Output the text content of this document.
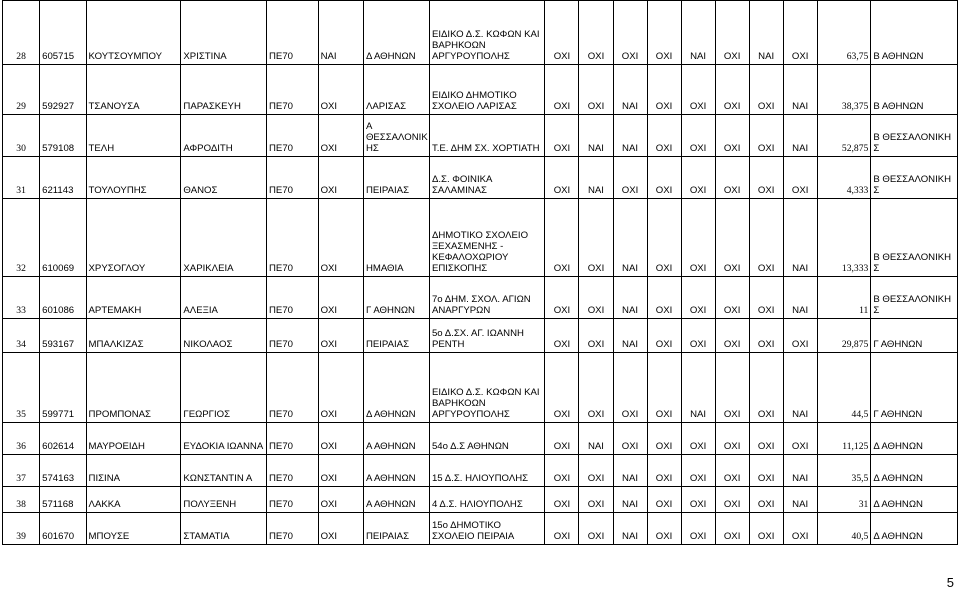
28	605715	ΚΟΥΤΣΟΥΜΠΟΥ	ΧΡΙΣΤΙΝΑ	ΠΕ70	ΝΑΙ	Δ ΑΘΗΝΩΝ	ΕΙΔΙΚΟ Δ.Σ. ΚΩΦΩΝ ΚΑΙ ΒΑΡΗΚΟΩΝ ΑΡΓΥΡΟΥΠΟΛΗΣ	ΟΧΙ	ΟΧΙ	ΟΧΙ	ΟΧΙ	ΝΑΙ	ΟΧΙ	ΝΑΙ	ΟΧΙ	63,75	Β ΑΘΗΝΩΝ
29	592927	ΤΣΑΝΟΥΣΑ	ΠΑΡΑΣΚΕΥΗ	ΠΕ70	ΟΧΙ	ΛΑΡΙΣΑΣ	ΕΙΔΙΚΟ ΔΗΜΟΤΙΚΟ ΣΧΟΛΕΙΟ ΛΑΡΙΣΑΣ	ΟΧΙ	ΟΧΙ	ΝΑΙ	ΟΧΙ	ΟΧΙ	ΟΧΙ	ΟΧΙ	ΝΑΙ	38,375	Β ΑΘΗΝΩΝ
30	579108	ΤΕΛΗ	ΑΦΡΟΔΙΤΗ	ΠΕ70	ΟΧΙ	Α ΘΕΣΣΑΛΟΝΙΚ ΗΣ	Τ.Ε. ΔΗΜ ΣΧ. ΧΟΡΤΙΑΤΗ	ΟΧΙ	ΝΑΙ	ΝΑΙ	ΟΧΙ	ΟΧΙ	ΟΧΙ	ΟΧΙ	ΝΑΙ	52,875	Β ΘΕΣΣΑΛΟΝΙΚΗ Σ
31	621143	ΤΟΥΛΟΥΠΗΣ	ΘΑΝΟΣ	ΠΕ70	ΟΧΙ	ΠΕΙΡΑΙΑΣ	Δ.Σ. ΦΟΙΝΙΚΑ ΣΑΛΑΜΙΝΑΣ	ΟΧΙ	ΝΑΙ	ΟΧΙ	ΟΧΙ	ΟΧΙ	ΟΧΙ	ΟΧΙ	ΟΧΙ	4,333	Β ΘΕΣΣΑΛΟΝΙΚΗ Σ
32	610069	ΧΡΥΣΟΓΛΟΥ	ΧΑΡΙΚΛΕΙΑ	ΠΕ70	ΟΧΙ	ΗΜΑΘΙΑ	ΔΗΜΟΤΙΚΟ ΣΧΟΛΕΙΟ ΞΕΧΑΣΜΕΝΗΣ - ΚΕΦΑΛΟΧΩΡΙΟΥ ΕΠΙΣΚΟΠΗΣ	ΟΧΙ	ΟΧΙ	ΝΑΙ	ΟΧΙ	ΟΧΙ	ΟΧΙ	ΟΧΙ	ΝΑΙ	13,333	Β ΘΕΣΣΑΛΟΝΙΚΗ Σ
33	601086	ΑΡΤΕΜΑΚΗ	ΑΛΕΞΙΑ	ΠΕ70	ΟΧΙ	Γ ΑΘΗΝΩΝ	7ο ΔΗΜ. ΣΧΟΛ. ΑΓΙΩΝ ΑΝΑΡΓΥΡΩΝ	ΟΧΙ	ΟΧΙ	ΝΑΙ	ΟΧΙ	ΟΧΙ	ΟΧΙ	ΟΧΙ	ΝΑΙ	11	Β ΘΕΣΣΑΛΟΝΙΚΗ Σ
34	593167	ΜΠΑΛΚΙΖΑΣ	ΝΙΚΟΛΑΟΣ	ΠΕ70	ΟΧΙ	ΠΕΙΡΑΙΑΣ	5ο Δ.ΣΧ. ΑΓ. ΙΩΑΝΝΗ ΡΕΝΤΗ	ΟΧΙ	ΟΧΙ	ΝΑΙ	ΟΧΙ	ΟΧΙ	ΟΧΙ	ΟΧΙ	ΟΧΙ	29,875	Γ ΑΘΗΝΩΝ
35	599771	ΠΡΟΜΠΟΝΑΣ	ΓΕΩΡΓΙΟΣ	ΠΕ70	ΟΧΙ	Δ ΑΘΗΝΩΝ	ΕΙΔΙΚΟ Δ.Σ. ΚΩΦΩΝ ΚΑΙ ΒΑΡΗΚΟΩΝ ΑΡΓΥΡΟΥΠΟΛΗΣ	ΟΧΙ	ΟΧΙ	ΟΧΙ	ΟΧΙ	ΝΑΙ	ΟΧΙ	ΟΧΙ	ΝΑΙ	44,5	Γ ΑΘΗΝΩΝ
36	602614	ΜΑΥΡΟΕΙΔΗ	ΕΥΔΟΚΙΑ ΙΩΑΝΝΑ	ΠΕ70	ΟΧΙ	Α ΑΘΗΝΩΝ	54ο Δ.Σ ΑΘΗΝΩΝ	ΟΧΙ	ΝΑΙ	ΟΧΙ	ΟΧΙ	ΟΧΙ	ΟΧΙ	ΟΧΙ	ΟΧΙ	11,125	Δ ΑΘΗΝΩΝ
37	574163	ΠΙΣΙΝΑ	ΚΩΝΣΤΑΝΤΙΝ Α	ΠΕ70	ΟΧΙ	Α ΑΘΗΝΩΝ	15 Δ.Σ. ΗΛΙΟΥΠΟΛΗΣ	ΟΧΙ	ΟΧΙ	ΝΑΙ	ΟΧΙ	ΟΧΙ	ΟΧΙ	ΟΧΙ	ΝΑΙ	35,5	Δ ΑΘΗΝΩΝ
38	571168	ΛΑΚΚΑ	ΠΟΛΥΞΕΝΗ	ΠΕ70	ΟΧΙ	Α ΑΘΗΝΩΝ	4 Δ.Σ. ΗΛΙΟΥΠΟΛΗΣ	ΟΧΙ	ΟΧΙ	ΝΑΙ	ΟΧΙ	ΟΧΙ	ΟΧΙ	ΟΧΙ	ΝΑΙ	31	Δ ΑΘΗΝΩΝ
39	601670	ΜΠΟΥΣΕ	ΣΤΑΜΑΤΙΑ	ΠΕ70	ΟΧΙ	ΠΕΙΡΑΙΑΣ	15ο ΔΗΜΟΤΙΚΟ ΣΧΟΛΕΙΟ ΠΕΙΡΑΙΑ	ΟΧΙ	ΟΧΙ	ΝΑΙ	ΟΧΙ	ΟΧΙ	ΟΧΙ	ΟΧΙ	ΟΧΙ	40,5	Δ ΑΘΗΝΩΝ
5
